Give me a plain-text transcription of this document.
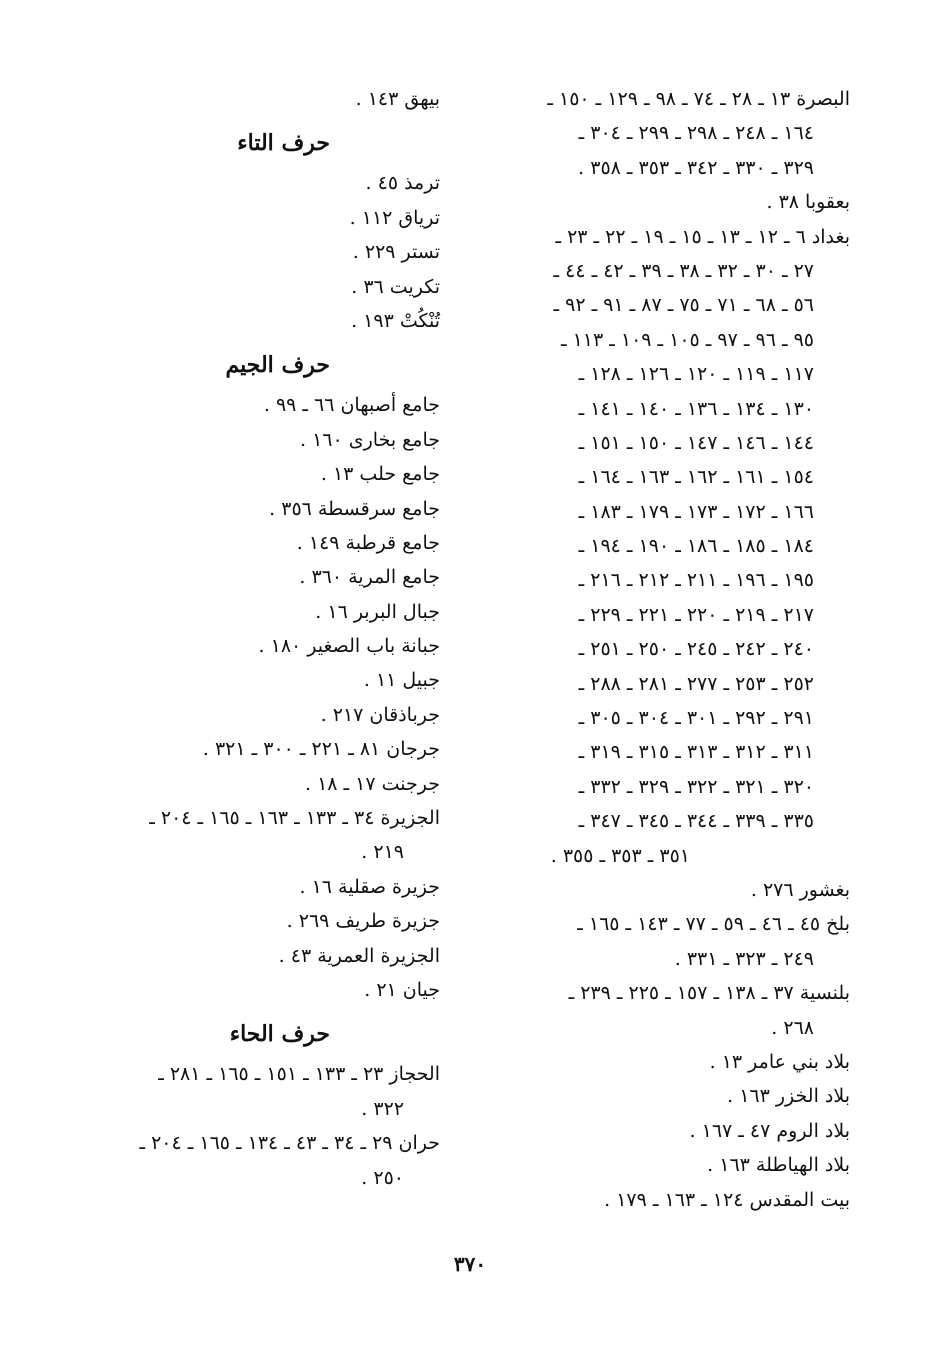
البصرة ١٣ ـ ٢٨ ـ ٧٤ ـ ٩٨ ـ ١٢٩ ـ ١٥٠ ـ
١٦٤ ـ ٢٤٨ ـ ٢٩٨ ـ ٢٩٩ ـ ٣٠٤ ـ
٣٢٩ ـ ٣٣٠ ـ ٣٤٢ ـ ٣٥٣ ـ ٣٥٨ .
بعقوبا ٣٨ .
بغداد ٦ ـ ١٢ ـ ١٣ ـ ١٥ ـ ١٩ ـ ٢٢ ـ ٢٣ ـ
٢٧ ـ ٣٠ ـ ٣٢ ـ ٣٨ ـ ٣٩ ـ ٤٢ ـ ٤٤ ـ
٥٦ ـ ٦٨ ـ ٧١ ـ ٧٥ ـ ٨٧ ـ ٩١ ـ ٩٢ ـ
٩٥ ـ ٩٦ ـ ٩٧ ـ ١٠٥ ـ ١٠٩ ـ ١١٣ ـ
١١٧ ـ ١١٩ ـ ١٢٠ ـ ١٢٦ ـ ١٢٨ ـ
١٣٠ ـ ١٣٤ ـ ١٣٦ ـ ١٤٠ ـ ١٤١ ـ
١٤٤ ـ ١٤٦ ـ ١٤٧ ـ ١٥٠ ـ ١٥١ ـ
١٥٤ ـ ١٦١ ـ ١٦٢ ـ ١٦٣ ـ ١٦٤ ـ
١٦٦ ـ ١٧٢ ـ ١٧٣ ـ ١٧٩ ـ ١٨٣ ـ
١٨٤ ـ ١٨٥ ـ ١٨٦ ـ ١٩٠ ـ ١٩٤ ـ
١٩٥ ـ ١٩٦ ـ ٢١١ ـ ٢١٢ ـ ٢١٦ ـ
٢١٧ ـ ٢١٩ ـ ٢٢٠ ـ ٢٢١ ـ ٢٢٩ ـ
٢٤٠ ـ ٢٤٢ ـ ٢٤٥ ـ ٢٥٠ ـ ٢٥١ ـ
٢٥٢ ـ ٢٥٣ ـ ٢٧٧ ـ ٢٨١ ـ ٢٨٨ ـ
٢٩١ ـ ٢٩٢ ـ ٣٠١ ـ ٣٠٤ ـ ٣٠٥ ـ
٣١١ ـ ٣١٢ ـ ٣١٣ ـ ٣١٥ ـ ٣١٩ ـ
٣٢٠ ـ ٣٢١ ـ ٣٢٢ ـ ٣٢٩ ـ ٣٣٢ ـ
٣٣٥ ـ ٣٣٩ ـ ٣٤٤ ـ ٣٤٥ ـ ٣٤٧ ـ
٣٥١ ـ ٣٥٣ ـ ٣٥٥ .
بغشور ٢٧٦ .
بلخ ٤٥ ـ ٤٦ ـ ٥٩ ـ ٧٧ ـ ١٤٣ ـ ١٦٥ ـ
٢٤٩ ـ ٣٢٣ ـ ٣٣١ .
بلنسية ٣٧ ـ ١٣٨ ـ ١٥٧ ـ ٢٢٥ ـ ٢٣٩ ـ
٢٦٨ .
بلاد بني عامر ١٣ .
بلاد الخزر ١٦٣ .
بلاد الروم ٤٧ ـ ١٦٧ .
بلاد الهياطلة ١٦٣ .
بيت المقدس ١٢٤ ـ ١٦٣ ـ ١٧٩ .
بيهق ١٤٣ .
حرف التاء
ترمذ ٤٥ .
ترياق ١١٢ .
تستر ٢٢٩ .
تكريت ٣٦ .
تُنْكُتْ ١٩٣ .
حرف الجيم
جامع أصبهان ٦٦ ـ ٩٩ .
جامع بخارى ١٦٠ .
جامع حلب ١٣ .
جامع سرقسطة ٣٥٦ .
جامع قرطبة ١٤٩ .
جامع المرية ٣٦٠ .
جبال البربر ١٦ .
جبانة باب الصغير ١٨٠ .
جبيل ١١ .
جرباذقان ٢١٧ .
جرجان ٨١ ـ ٢٢١ ـ ٣٠٠ ـ ٣٢١ .
جرجنت ١٧ ـ ١٨ .
الجزيرة ٣٤ ـ ١٣٣ ـ ١٦٣ ـ ١٦٥ ـ ٢٠٤ ـ
٢١٩ .
جزيرة صقلية ١٦ .
جزيرة طريف ٢٦٩ .
الجزيرة العمرية ٤٣ .
جيان ٢١ .
حرف الحاء
الحجاز ٢٣ ـ ١٣٣ ـ ١٥١ ـ ١٦٥ ـ ٢٨١ ـ
٣٢٢ .
حران ٢٩ ـ ٣٤ ـ ٤٣ ـ ١٣٤ ـ ١٦٥ ـ ٢٠٤ ـ
٢٥٠ .
٣٧٠
